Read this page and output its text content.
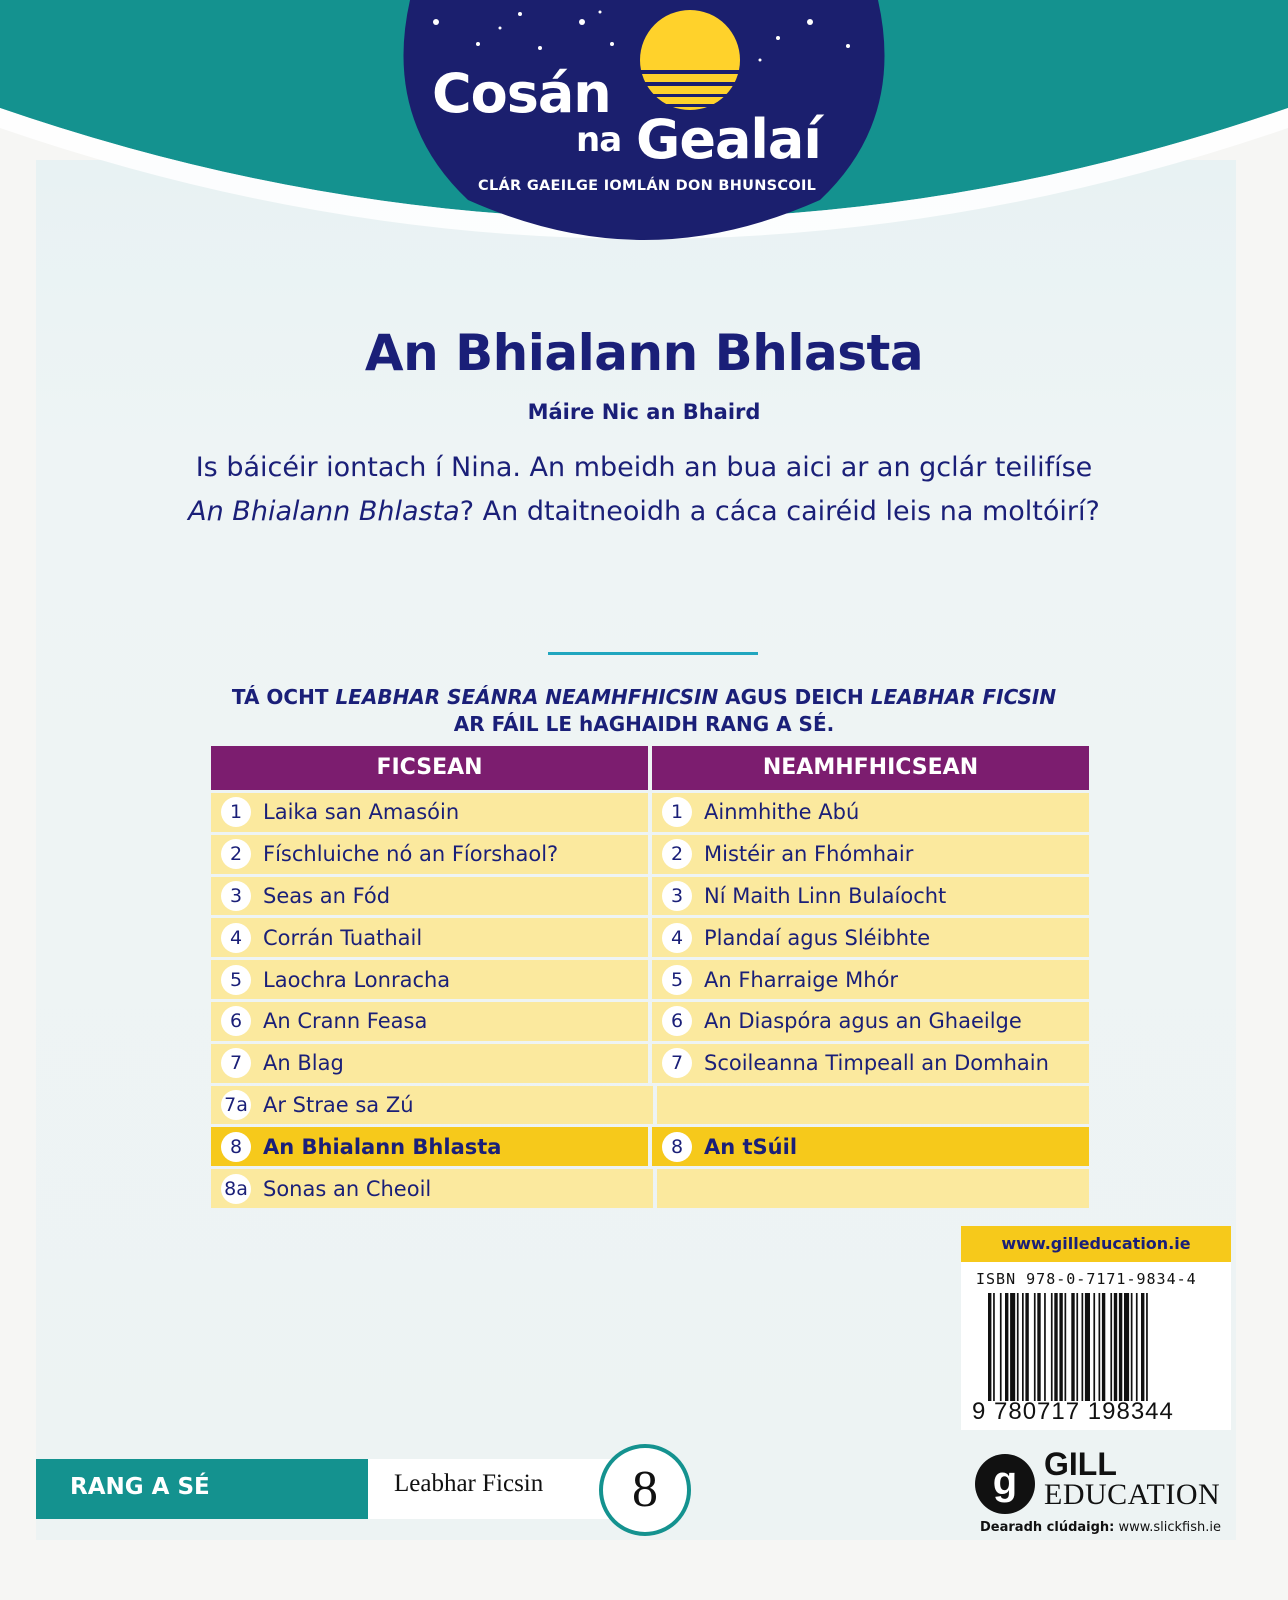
Cosán
na Gealaí
CLÁR GAEILGE IOMLÁN DON BHUNSCOIL
An Bhialann Bhlasta
Máire Nic an Bhaird

Is báicéir iontach í Nina. An mbeidh an bua aici ar an gclár teilifíse
An Bhialann Bhlasta? An dtaitneoidh a cáca cairéid leis na moltóirí?

TÁ OCHT LEABHAR SEÁNRA NEAMHFHICSIN AGUS DEICH LEABHAR FICSIN
AR FÁIL LE hAGHAIDH RANG A SÉ.
FICSEAN	NEAMHFHICSEAN
1 Laika san Amasóin	1 Ainmhithe Abú
2 Físchluiche nó an Fíorshaol?	2 Mistéir an Fhómhair
3 Seas an Fód	3 Ní Maith Linn Bulaíocht
4 Corrán Tuathail	4 Plandaí agus Sléibhte
5 Laochra Lonracha	5 An Fharraige Mhór
6 An Crann Feasa	6 An Diaspóra agus an Ghaeilge
7 An Blag	7 Scoileanna Timpeall an Domhain
7a Ar Strae sa Zú
8 An Bhialann Bhlasta	8 An tSúil
8a Sonas an Cheoil
www.gilleducation.ie
ISBN 978-0-7171-9834-4
9 780717 198344
RANG A SÉ	Leabhar Ficsin	8	g GILL
EDUCATION
Dearadh clúdaigh: www.slickfish.ie
